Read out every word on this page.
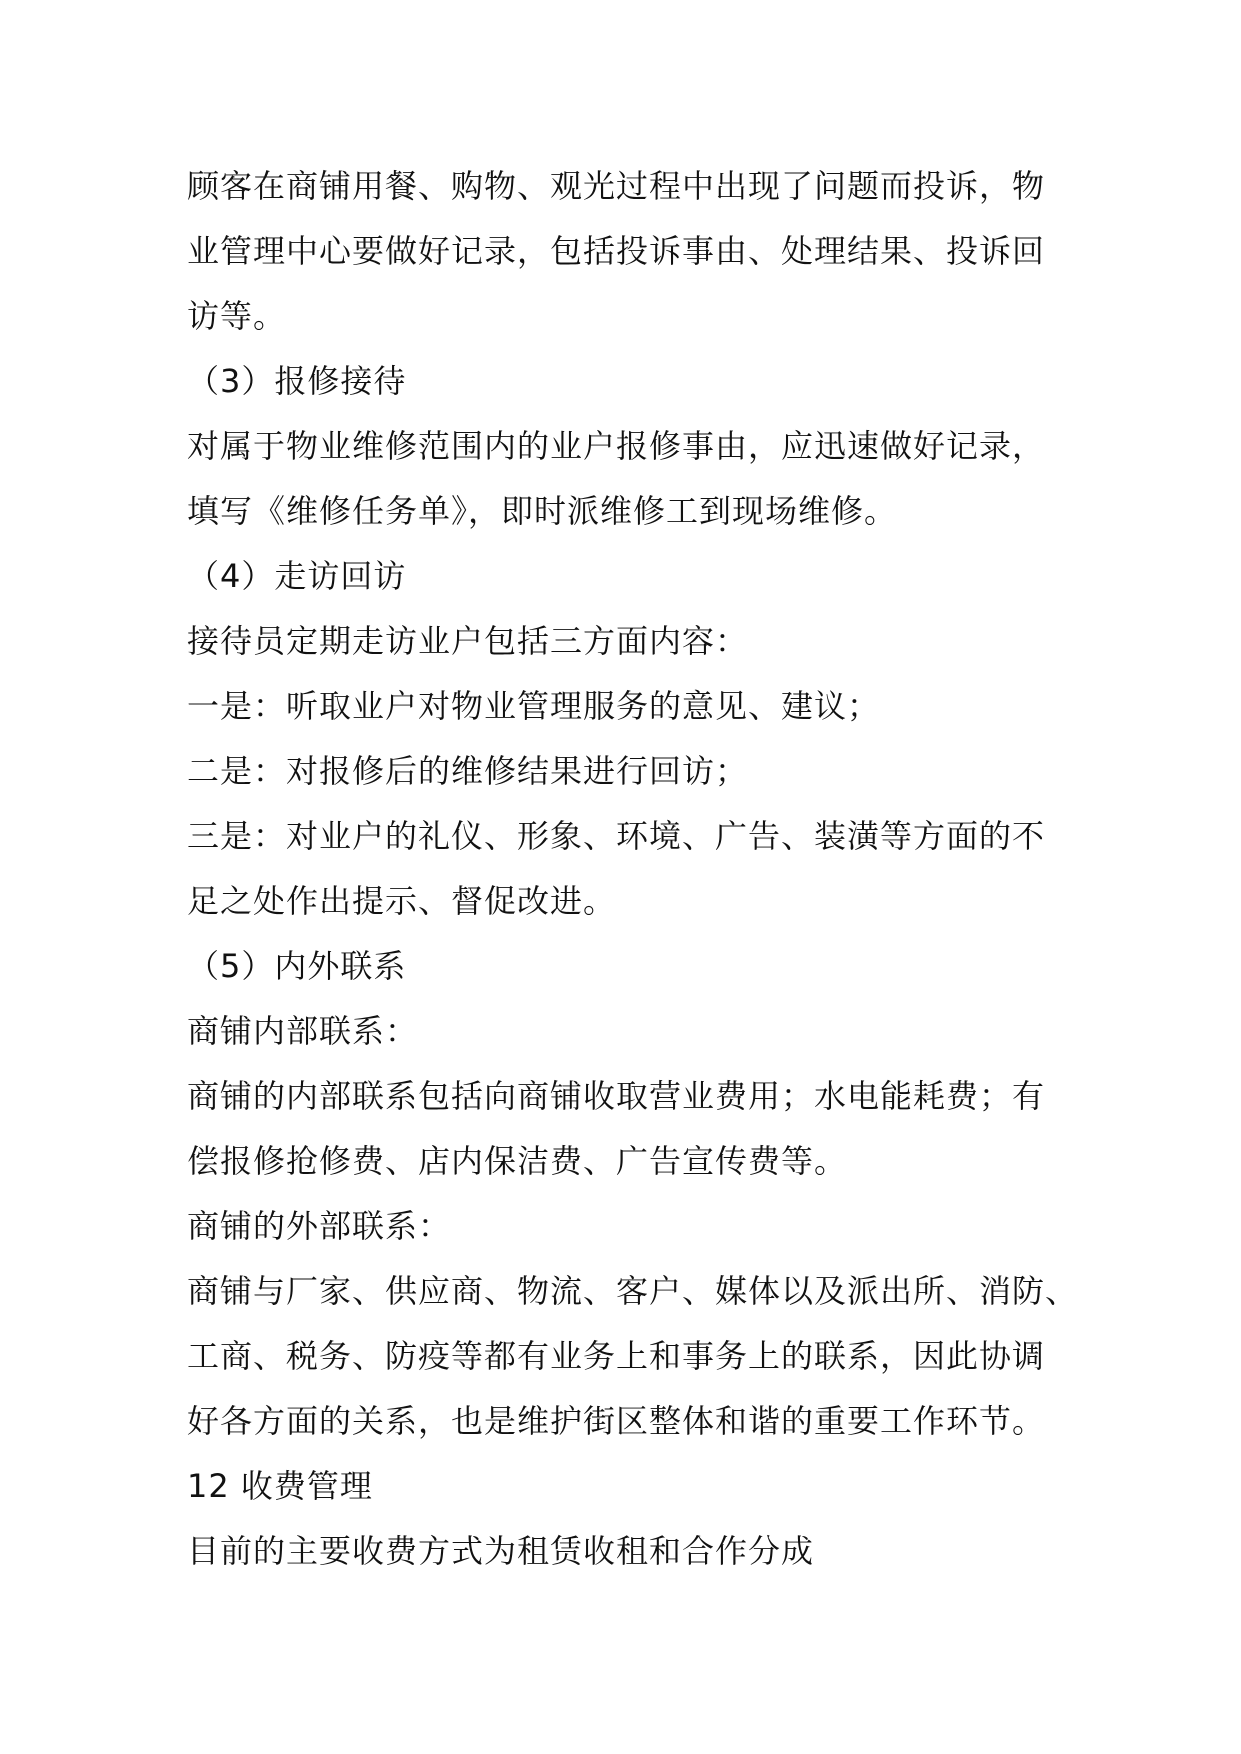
顾客在商铺用餐、购物、观光过程中出现了问题而投诉，物
业管理中心要做好记录，包括投诉事由、处理结果、投诉回
访等。
（3）报修接待
对属于物业维修范围内的业户报修事由，应迅速做好记录，
填写《维修任务单》，即时派维修工到现场维修。
（4）走访回访
接待员定期走访业户包括三方面内容：
一是：听取业户对物业管理服务的意见、建议；
二是：对报修后的维修结果进行回访；
三是：对业户的礼仪、形象、环境、广告、装潢等方面的不
足之处作出提示、督促改进。
（5）内外联系
商铺内部联系：
商铺的内部联系包括向商铺收取营业费用；水电能耗费；有
偿报修抢修费、店内保洁费、广告宣传费等。
商铺的外部联系：
商铺与厂家、供应商、物流、客户、媒体以及派出所、消防、
工商、税务、防疫等都有业务上和事务上的联系，因此协调
好各方面的关系，也是维护街区整体和谐的重要工作环节。
12 收费管理
目前的主要收费方式为租赁收租和合作分成
